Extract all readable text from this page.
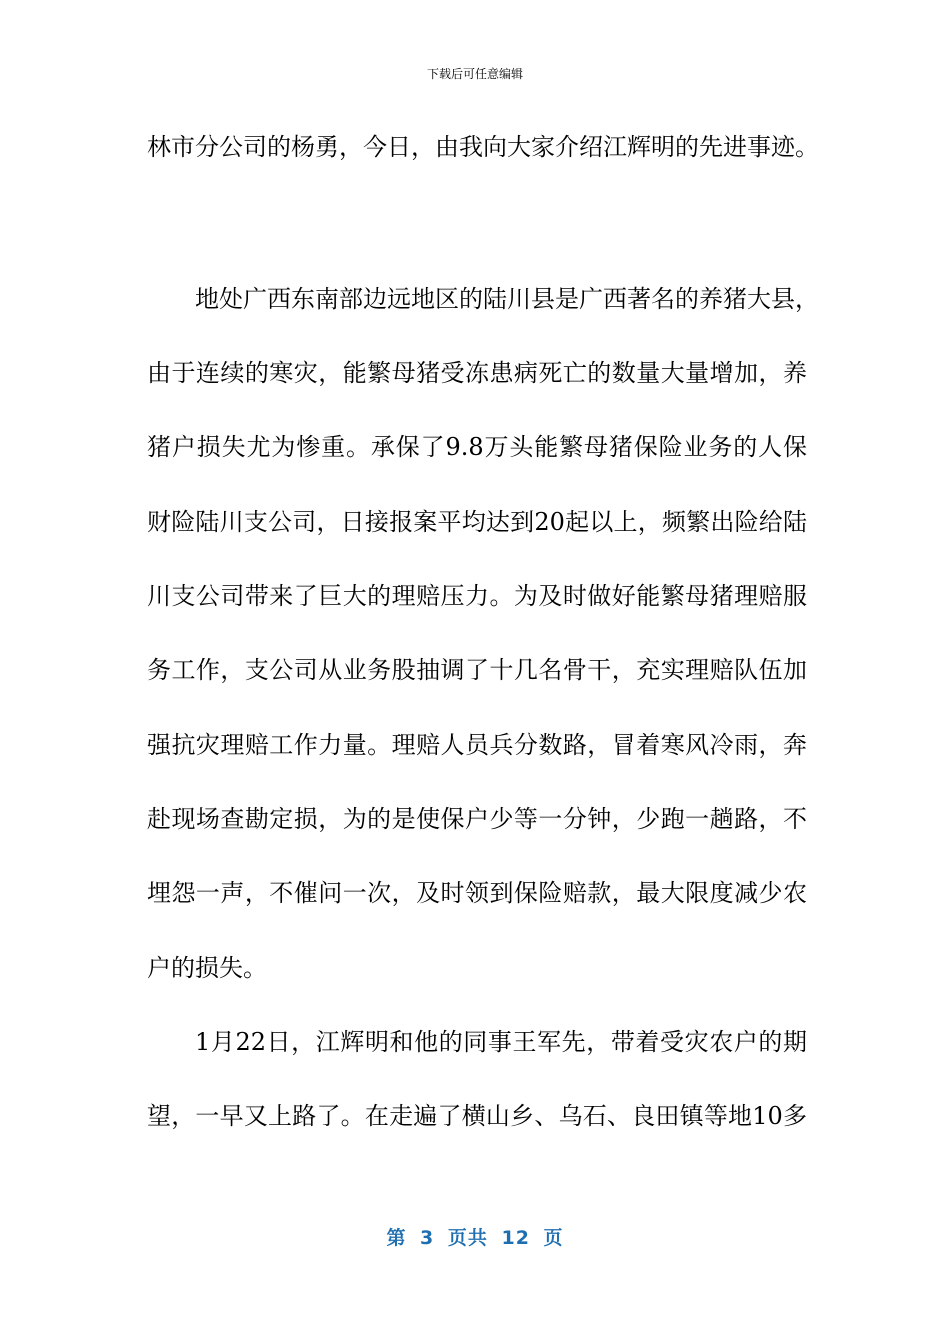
下载后可任意编辑
林市分公司的杨勇，今日，由我向大家介绍江辉明的先进事迹。
地处广西东南部边远地区的陆川县是广西著名的养猪大县，
由于连续的寒灾，能繁母猪受冻患病死亡的数量大量增加，养
猪户损失尤为惨重。承保了9.8万头能繁母猪保险业务的人保
财险陆川支公司，日接报案平均达到20起以上，频繁出险给陆
川支公司带来了巨大的理赔压力。为及时做好能繁母猪理赔服
务工作，支公司从业务股抽调了十几名骨干，充实理赔队伍加
强抗灾理赔工作力量。理赔人员兵分数路，冒着寒风冷雨，奔
赴现场查勘定损，为的是使保户少等一分钟，少跑一趟路，不
埋怨一声，不催问一次，及时领到保险赔款，最大限度减少农
户的损失。
1月22日，江辉明和他的同事王军先，带着受灾农户的期
望，一早又上路了。在走遍了横山乡、乌石、良田镇等地10多
第 3 页共 12 页
